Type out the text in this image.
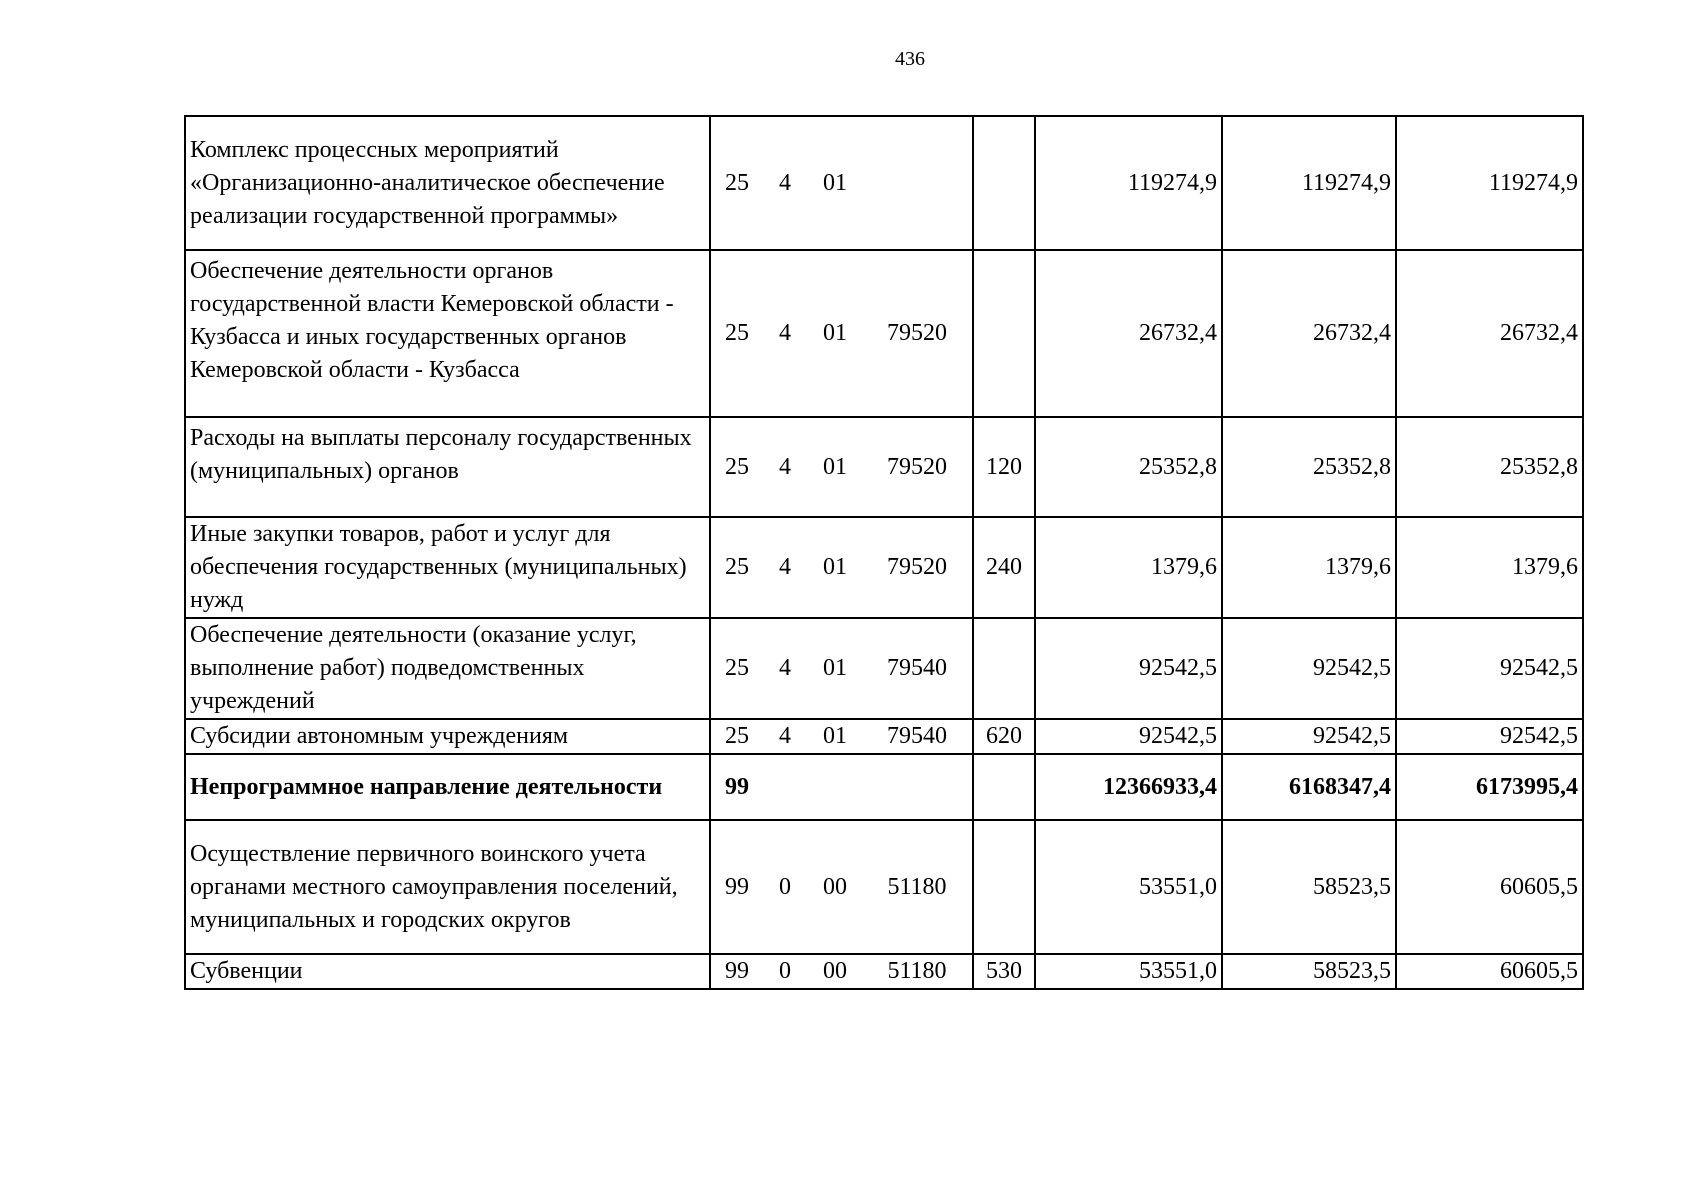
436
Комплекс процессных мероприятий «Организационно-аналитическое обеспечение реализации государственной программы»	25 4 01		119274,9	119274,9	119274,9
Обеспечение деятельности органов государственной власти Кемеровской области - Кузбасса и иных государственных органов Кемеровской области - Кузбасса	25 4 01 79520		26732,4	26732,4	26732,4
Расходы на выплаты персоналу государственных (муниципальных) органов	25 4 01 79520	120	25352,8	25352,8	25352,8
Иные закупки товаров, работ и услуг для обеспечения государственных (муниципальных) нужд	25 4 01 79520	240	1379,6	1379,6	1379,6
Обеспечение деятельности (оказание услуг, выполнение работ) подведомственных учреждений	25 4 01 79540		92542,5	92542,5	92542,5
Субсидии автономным учреждениям	25 4 01 79540	620	92542,5	92542,5	92542,5
Непрограммное направление деятельности	99		12366933,4	6168347,4	6173995,4
Осуществление первичного воинского учета органами местного самоуправления поселений, муниципальных и городских округов	99 0 00 51180		53551,0	58523,5	60605,5
Субвенции	99 0 00 51180	530	53551,0	58523,5	60605,5
